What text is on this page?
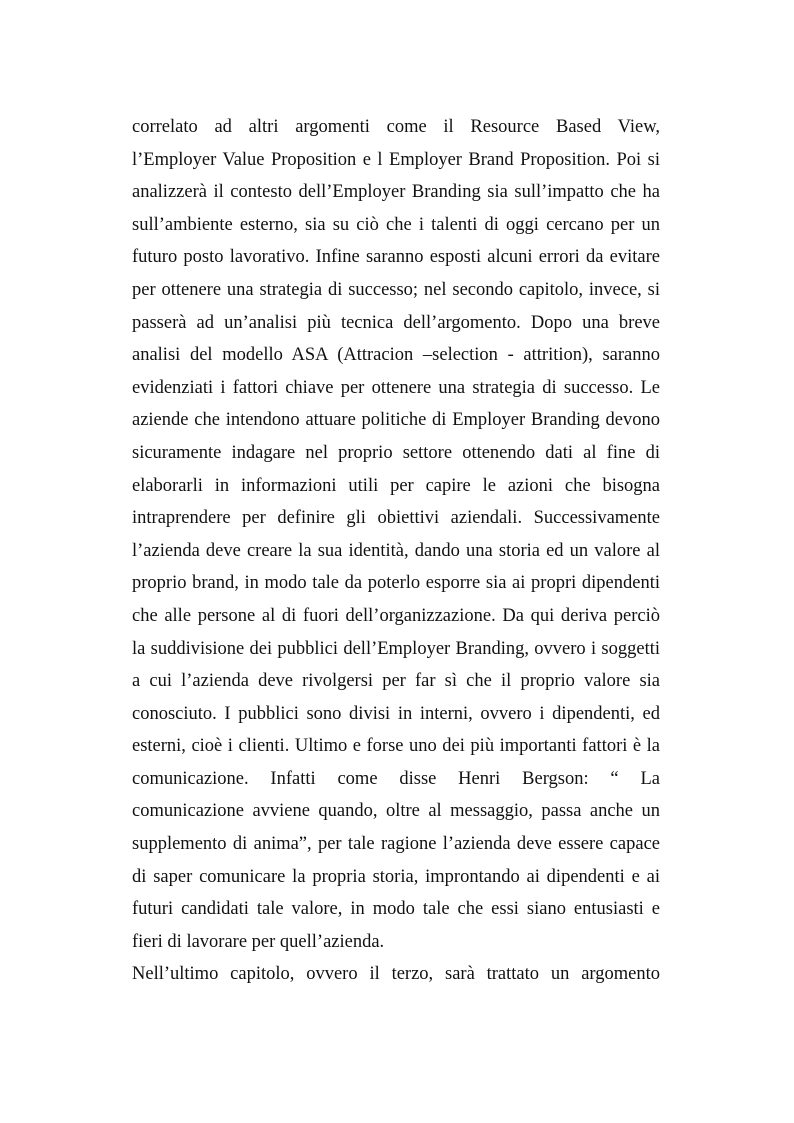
correlato ad altri argomenti come il Resource Based View,
l’Employer Value Proposition e l Employer Brand Proposition. Poi si
analizzerà il contesto dell’Employer Branding sia sull’impatto che ha
sull’ambiente esterno, sia su ciò che i talenti di oggi cercano per un
futuro posto lavorativo. Infine saranno esposti alcuni errori da evitare
per ottenere una strategia di successo; nel secondo capitolo, invece, si
passerà ad un’analisi più tecnica dell’argomento. Dopo una breve
analisi del modello ASA (Attracion –selection - attrition), saranno
evidenziati i fattori chiave per ottenere una strategia di successo. Le
aziende che intendono attuare politiche di Employer Branding devono
sicuramente indagare nel proprio settore ottenendo dati al fine di
elaborarli in informazioni utili per capire le azioni che bisogna
intraprendere per definire gli obiettivi aziendali. Successivamente
l’azienda deve creare la sua identità, dando una storia ed un valore al
proprio brand, in modo tale da poterlo esporre sia ai propri dipendenti
che alle persone al di fuori dell’organizzazione. Da qui deriva perciò
la suddivisione dei pubblici dell’Employer Branding, ovvero i soggetti
a cui l’azienda deve rivolgersi per far sì che il proprio valore sia
conosciuto. I pubblici sono divisi in interni, ovvero i dipendenti, ed
esterni, cioè i clienti. Ultimo e forse uno dei più importanti fattori è la
comunicazione. Infatti come disse Henri Bergson: “ La
comunicazione avviene quando, oltre al messaggio, passa anche un
supplemento di anima”, per tale ragione l’azienda deve essere capace
di saper comunicare la propria storia, improntando ai dipendenti e ai
futuri candidati tale valore, in modo tale che essi siano entusiasti e
fieri di lavorare per quell’azienda.
Nell’ultimo capitolo, ovvero il terzo, sarà trattato un argomento
